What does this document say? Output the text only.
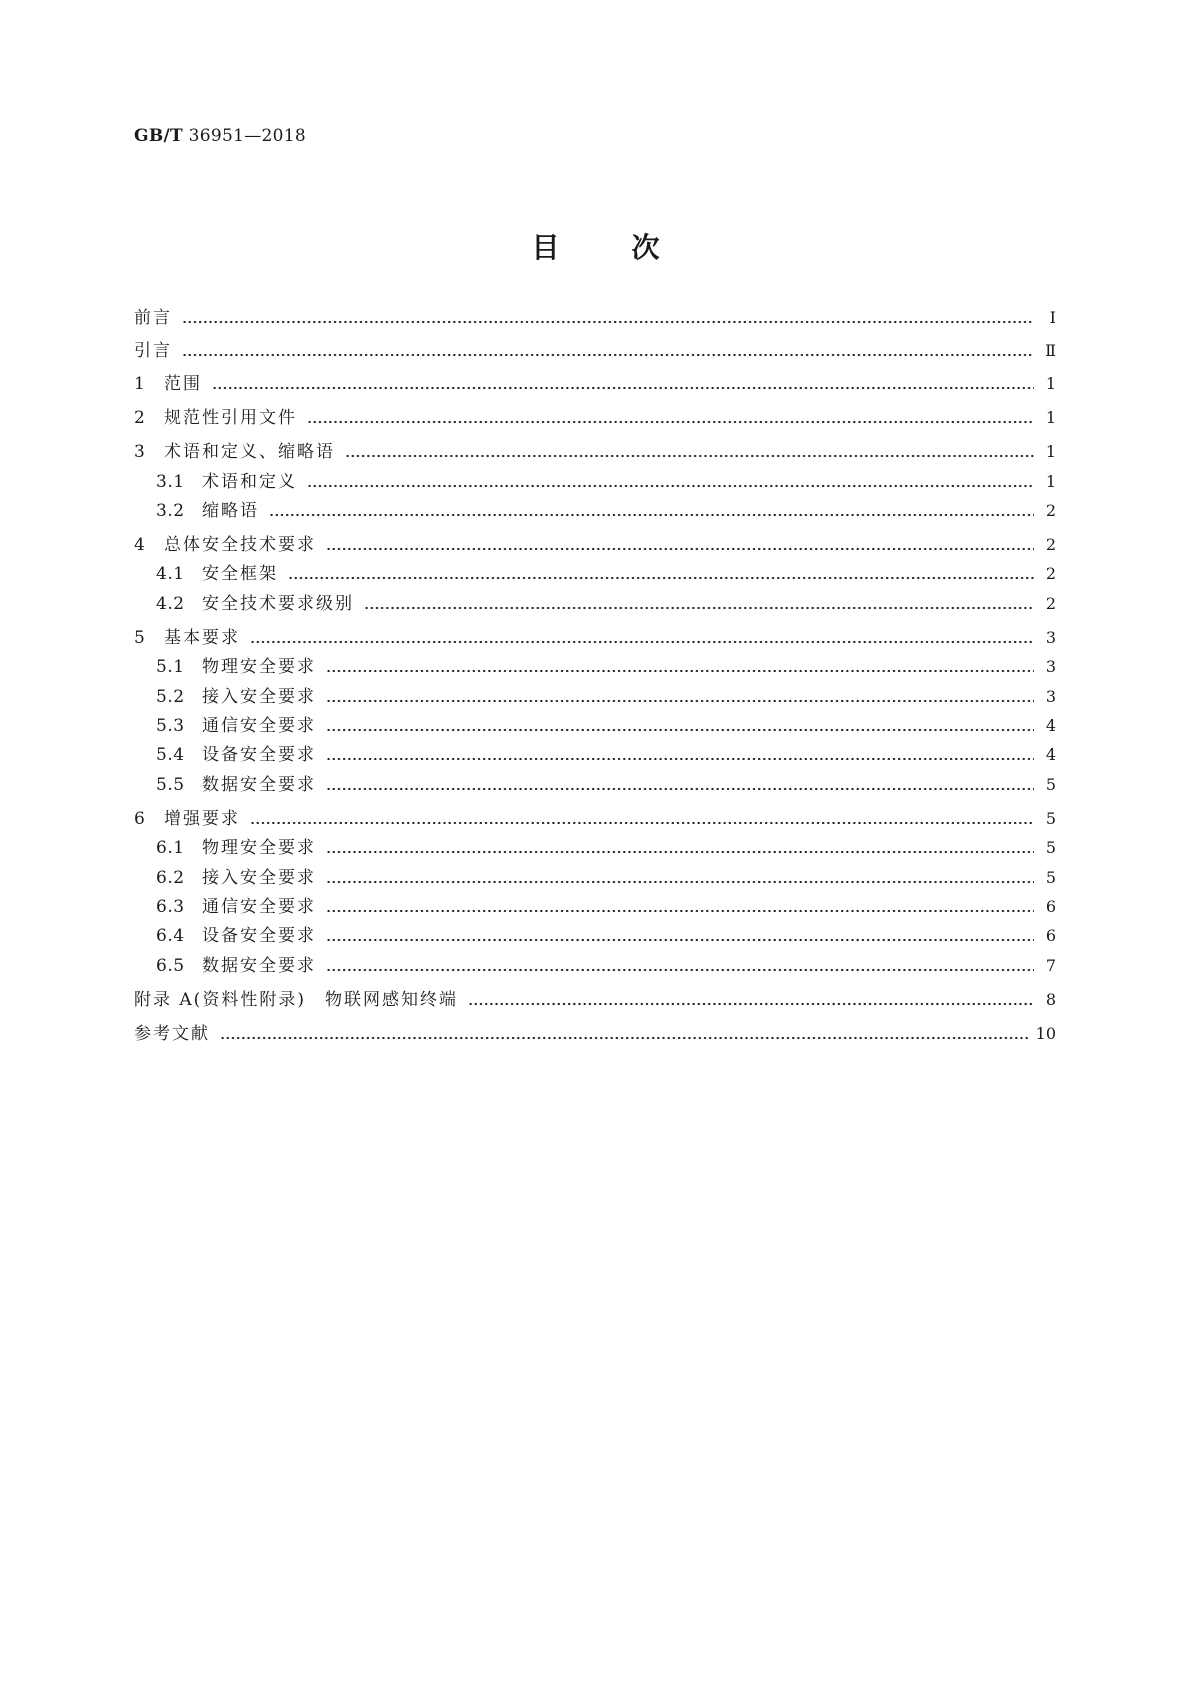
GB/T 36951—2018
目	次
前言	Ⅰ
引言	Ⅱ
1	范围	1
2	规范性引用文件	1
3	术语和定义、缩略语	1
3.1	术语和定义	1
3.2	缩略语	2
4	总体安全技术要求	2
4.1	安全框架	2
4.2	安全技术要求级别	2
5	基本要求	3
5.1	物理安全要求	3
5.2	接入安全要求	3
5.3	通信安全要求	4
5.4	设备安全要求	4
5.5	数据安全要求	5
6	增强要求	5
6.1	物理安全要求	5
6.2	接入安全要求	5
6.3	通信安全要求	6
6.4	设备安全要求	6
6.5	数据安全要求	7
附录 A(资料性附录)　物联网感知终端	8
参考文献	10
